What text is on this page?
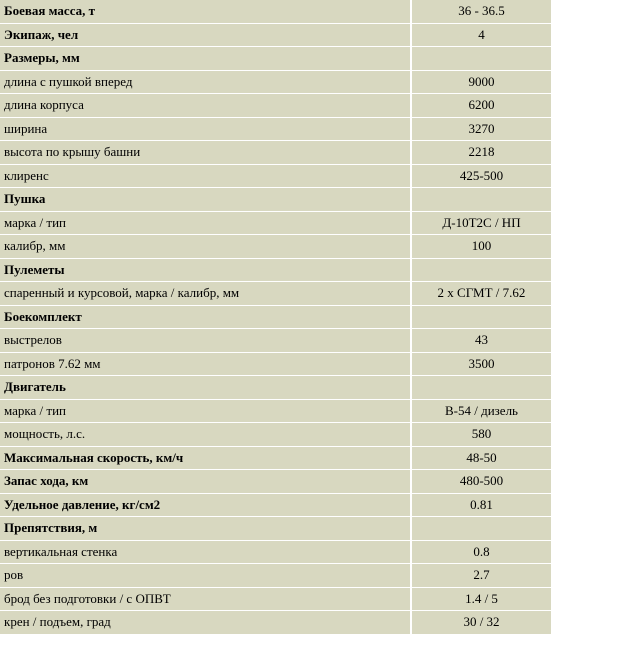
Боевая масса, т	36 - 36.5
Экипаж, чел	4
Размеры, мм	
длина с пушкой вперед	9000
длина корпуса	6200
ширина	3270
высота по крышу башни	2218
клиренс	425-500
Пушка	
марка / тип	Д-10Т2С / НП
калибр, мм	100
Пулеметы	
спаренный и курсовой, марка / калибр, мм	2 х СГМТ / 7.62
Боекомплект	
выстрелов	43
патронов 7.62 мм	3500
Двигатель	
марка / тип	В-54 / дизель
мощность, л.с.	580
Максимальная скорость, км/ч	48-50
Запас хода, км	480-500
Удельное давление, кг/см2	0.81
Препятствия, м	
вертикальная стенка	0.8
ров	2.7
брод без подготовки / с ОПВТ	1.4 / 5
крен / подъем, град	30 / 32
